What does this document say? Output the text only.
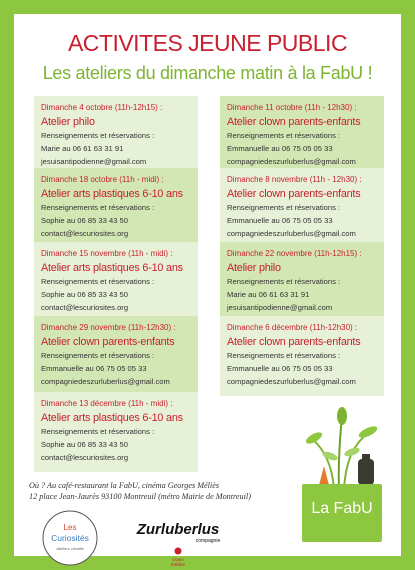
ACTIVITES JEUNE PUBLIC
Les ateliers du dimanche matin à la FabU !
Dimanche 4 octobre (11h-12h15) :
Atelier philo
Renseignements et réservations :
Marie au 06 61 63 31 91
jesuisantipodienne@gmail.com
Dimanche 11 octobre (11h - 12h30) :
Atelier clown parents-enfants
Renseignements et réservations :
Emmanuelle au 06 75 05 05 33
compagniedeszurluberlus@gmail.com
Dimanche 18 octobre (11h - midi) :
Atelier arts plastiques 6-10 ans
Renseignements et réservations :
Sophie au 06 85 33 43 50
contact@lescuriosites.org
Dimanche 8 novembre (11h - 12h30) :
Atelier clown parents-enfants
Renseignements et réservations :
Emmanuelle au 06 75 05 05 33
compagniedeszurluberlus@gmail.com
Dimanche 15 novembre (11h - midi) :
Atelier arts plastiques 6-10 ans
Renseignements et réservations :
Sophie au 06 85 33 43 50
contact@lescuriosites.org
Dimanche 22 novembre (11h-12h15) :
Atelier philo
Renseignements et réservations :
Marie au 06 61 63 31 91
jesuisantipodienne@gmail.com
Dimanche 29 novembre (11h-12h30) :
Atelier clown parents-enfants
Renseignements et réservations :
Emmanuelle au 06 75 05 05 33
compagniedeszurluberlus@gmail.com
Dimanche 6 décembre (11h-12h30) :
Atelier clown parents-enfants
Renseignements et réservations :
Emmanuelle au 06 75 05 05 33
compagniedeszurluberlus@gmail.com
Dimanche 13 décembre (11h - midi) :
Atelier arts plastiques 6-10 ans
Renseignements et réservations :
Sophie au 06 85 33 43 50
contact@lescuriosites.org
La FabU
Où ? Au café-restaurant la FabU, cinéma Georges Méliès
12 place Jean-Jaurès 93100 Montreuil (métro Mairie de Montreuil)
Les
Curiosités
Ateliers créatifs
Zurluberlus
compagnie
clown
théâtre
